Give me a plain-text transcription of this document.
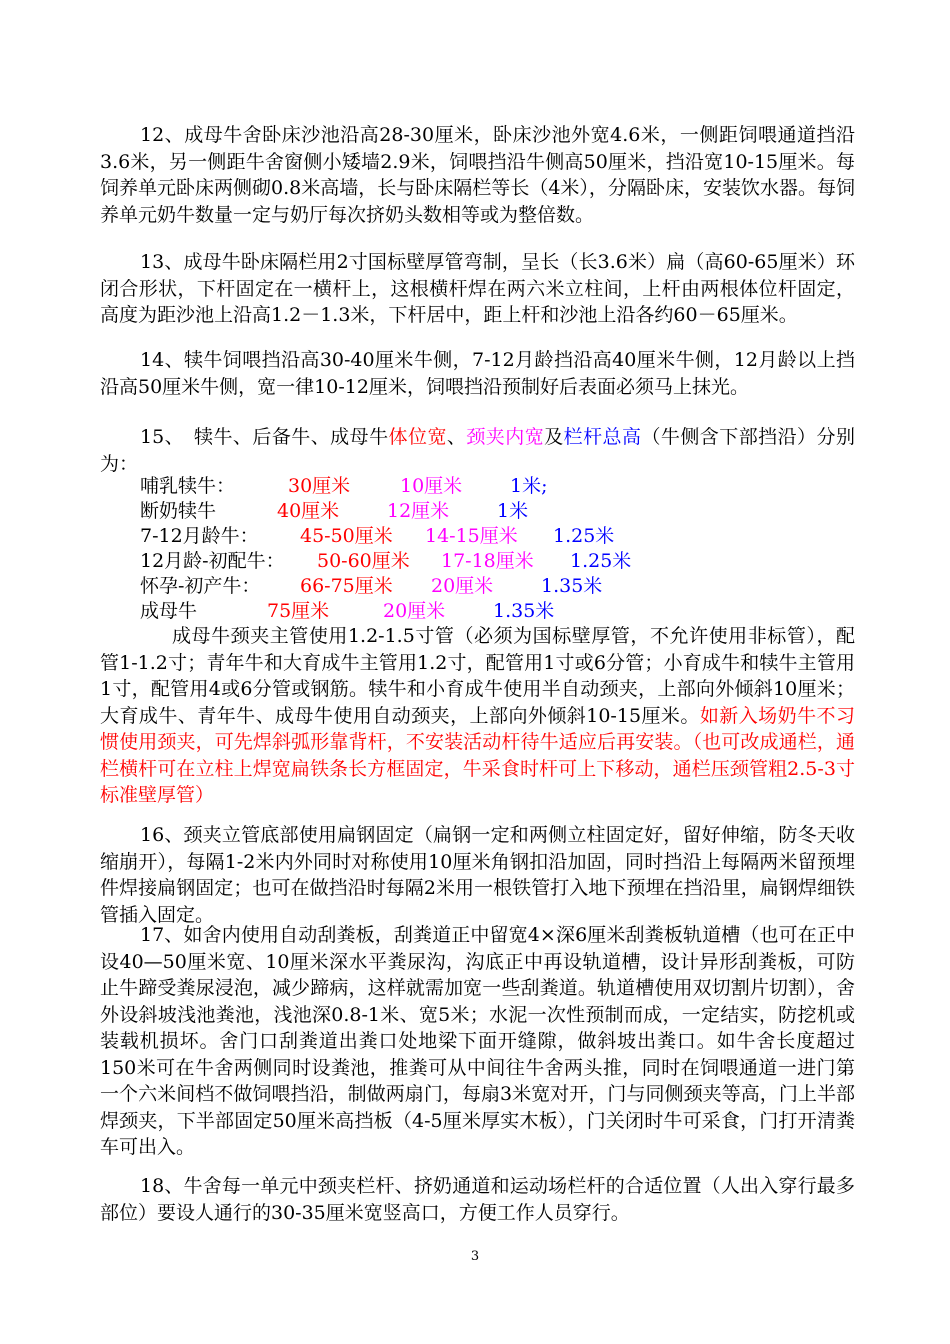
12、成母牛舍卧床沙池沿高28-30厘米，卧床沙池外宽4.6米，一侧距饲喂通道挡沿3.6米，另一侧距牛舍窗侧小矮墙2.9米，饲喂挡沿牛侧高50厘米，挡沿宽10-15厘米。每饲养单元卧床两侧砌0.8米高墙，长与卧床隔栏等长（4米），分隔卧床，安装饮水器。每饲养单元奶牛数量一定与奶厅每次挤奶头数相等或为整倍数。

13、成母牛卧床隔栏用2寸国标壁厚管弯制，呈长（长3.6米）扁（高60-65厘米）环闭合形状，下杆固定在一横杆上，这根横杆焊在两六米立柱间，上杆由两根体位杆固定，高度为距沙池上沿高1.2－1.3米，下杆居中，距上杆和沙池上沿各约60－65厘米。

14、犊牛饲喂挡沿高30-40厘米牛侧，7-12月龄挡沿高40厘米牛侧，12月龄以上挡沿高50厘米牛侧，宽一律10-12厘米，饲喂挡沿预制好后表面必须马上抹光。

15、　犊牛、后备牛、成母牛体位宽、颈夹内宽及栏杆总高（牛侧含下部挡沿）分别为：

哺乳犊牛：	30厘米	10厘米	1米;
断奶犊牛	40厘米	12厘米	1米
7-12月龄牛： 45-50厘米 14-15厘米 1.25米
12月龄-初配牛： 50-60厘米 17-18厘米 1.25米
怀孕-初产牛： 66-75厘米 20厘米	1.35米
成母牛	75厘米	20厘米	1.35米

成母牛颈夹主管使用1.2-1.5寸管（必须为国标壁厚管，不允许使用非标管），配管1-1.2寸；青年牛和大育成牛主管用1.2寸，配管用1寸或6分管；小育成牛和犊牛主管用1寸，配管用4或6分管或钢筋。犊牛和小育成牛使用半自动颈夹，上部向外倾斜10厘米；大育成牛、青年牛、成母牛使用自动颈夹，上部向外倾斜10-15厘米。如新入场奶牛不习惯使用颈夹，可先焊斜弧形靠背杆，不安装活动杆待牛适应后再安装。（也可改成通栏，通栏横杆可在立柱上焊宽扁铁条长方框固定，牛采食时杆可上下移动，通栏压颈管粗2.5-3寸标准壁厚管）

16、颈夹立管底部使用扁钢固定（扁钢一定和两侧立柱固定好，留好伸缩，防冬天收缩崩开），每隔1-2米内外同时对称使用10厘米角钢扣沿加固，同时挡沿上每隔两米留预埋件焊接扁钢固定；也可在做挡沿时每隔2米用一根铁管打入地下预埋在挡沿里，扁钢焊细铁管插入固定。

17、如舍内使用自动刮粪板，刮粪道正中留宽4×深6厘米刮粪板轨道槽（也可在正中设40—50厘米宽、10厘米深水平粪尿沟，沟底正中再设轨道槽，设计异形刮粪板，可防止牛蹄受粪尿浸泡，减少蹄病，这样就需加宽一些刮粪道。轨道槽使用双切割片切割），舍外设斜坡浅池粪池，浅池深0.8-1米、宽5米；水泥一次性预制而成，一定结实，防挖机或装载机损坏。舍门口刮粪道出粪口处地梁下面开缝隙，做斜坡出粪口。如牛舍长度超过150米可在牛舍两侧同时设粪池，推粪可从中间往牛舍两头推，同时在饲喂通道一进门第一个六米间档不做饲喂挡沿，制做两扇门，每扇3米宽对开，门与同侧颈夹等高，门上半部焊颈夹，下半部固定50厘米高挡板（4-5厘米厚实木板），门关闭时牛可采食，门打开清粪车可出入。

18、牛舍每一单元中颈夹栏杆、挤奶通道和运动场栏杆的合适位置（人出入穿行最多部位）要设人通行的30-35厘米宽竖高口，方便工作人员穿行。

3
